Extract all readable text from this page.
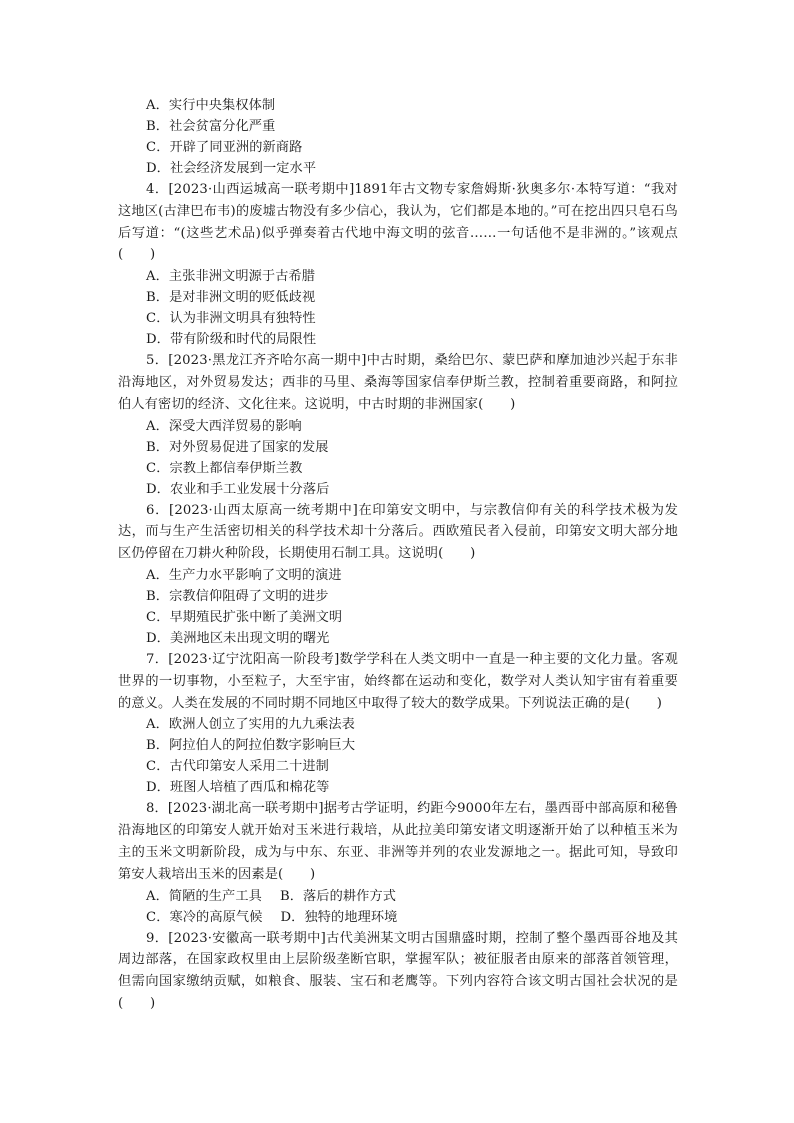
A．实行中央集权体制
B．社会贫富分化严重
C．开辟了同亚洲的新商路
D．社会经济发展到一定水平
4．[2023·山西运城高一联考期中]1891年古文物专家詹姆斯·狄奥多尔·本特写道：“我对这地区(古津巴布韦)的废墟古物没有多少信心，我认为，它们都是本地的。”可在挖出四只皂石鸟后写道：“(这些艺术品)似乎弹奏着古代地中海文明的弦音……一句话他不是非洲的。”该观点(　　)
A．主张非洲文明源于古希腊
B．是对非洲文明的贬低歧视
C．认为非洲文明具有独特性
D．带有阶级和时代的局限性
5．[2023·黑龙江齐齐哈尔高一期中]中古时期，桑给巴尔、蒙巴萨和摩加迪沙兴起于东非沿海地区，对外贸易发达；西非的马里、桑海等国家信奉伊斯兰教，控制着重要商路，和阿拉伯人有密切的经济、文化往来。这说明，中古时期的非洲国家(　　)
A．深受大西洋贸易的影响
B．对外贸易促进了国家的发展
C．宗教上都信奉伊斯兰教
D．农业和手工业发展十分落后
6．[2023·山西太原高一统考期中]在印第安文明中，与宗教信仰有关的科学技术极为发达，而与生产生活密切相关的科学技术却十分落后。西欧殖民者入侵前，印第安文明大部分地区仍停留在刀耕火种阶段，长期使用石制工具。这说明(　　)
A．生产力水平影响了文明的演进
B．宗教信仰阻碍了文明的进步
C．早期殖民扩张中断了美洲文明
D．美洲地区未出现文明的曙光
7．[2023·辽宁沈阳高一阶段考]数学学科在人类文明中一直是一种主要的文化力量。客观世界的一切事物，小至粒子，大至宇宙，始终都在运动和变化，数学对人类认知宇宙有着重要的意义。人类在发展的不同时期不同地区中取得了较大的数学成果。下列说法正确的是(　　)
A．欧洲人创立了实用的九九乘法表
B．阿拉伯人的阿拉伯数字影响巨大
C．古代印第安人采用二十进制
D．班图人培植了西瓜和棉花等
8．[2023·湖北高一联考期中]据考古学证明，约距今9000年左右，墨西哥中部高原和秘鲁沿海地区的印第安人就开始对玉米进行栽培，从此拉美印第安诸文明逐渐开始了以种植玉米为主的玉米文明新阶段，成为与中东、东亚、非洲等并列的农业发源地之一。据此可知，导致印第安人栽培出玉米的因素是(　　)
A．简陋的生产工具 B．落后的耕作方式
C．寒冷的高原气候 D．独特的地理环境
9．[2023·安徽高一联考期中]古代美洲某文明古国鼎盛时期，控制了整个墨西哥谷地及其周边部落，在国家政权里由上层阶级垄断官职，掌握军队；被征服者由原来的部落首领管理，但需向国家缴纳贡赋，如粮食、服装、宝石和老鹰等。下列内容符合该文明古国社会状况的是(　　)
